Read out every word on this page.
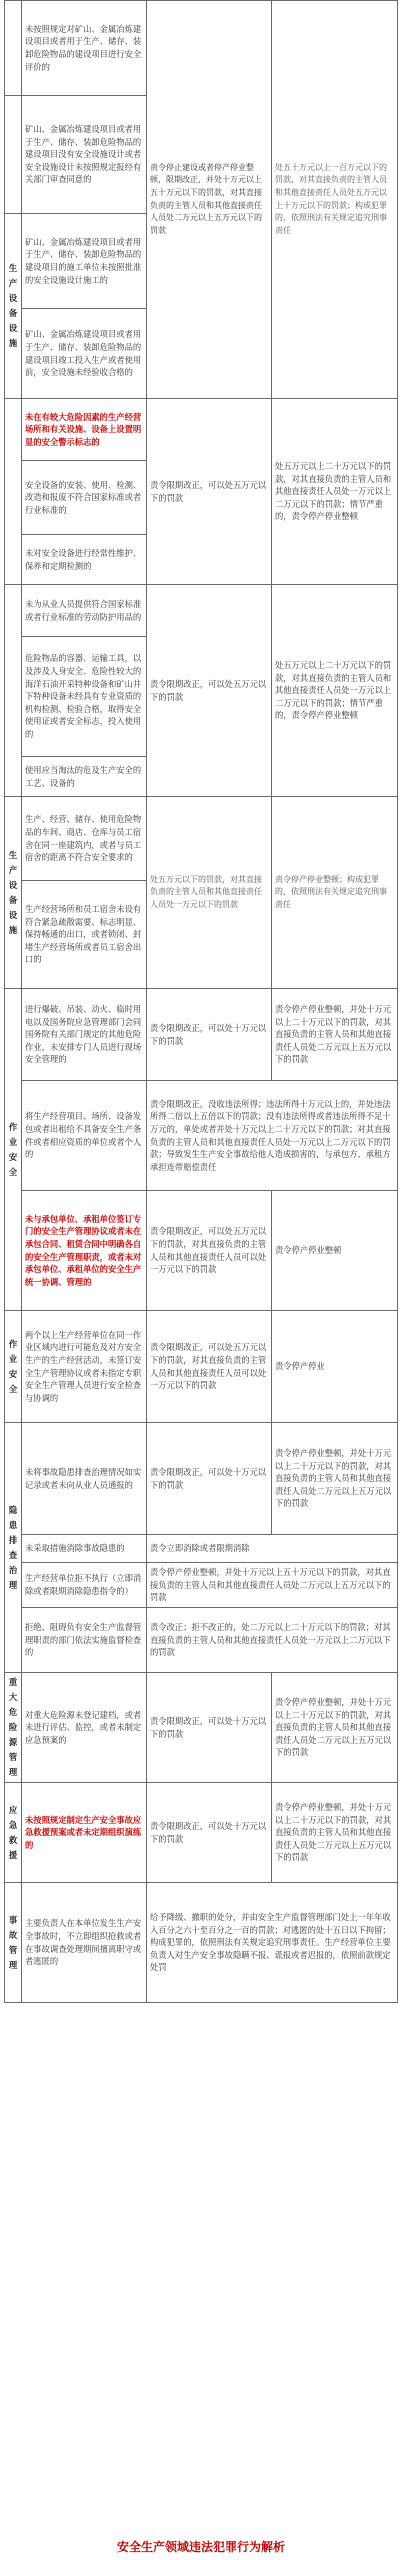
	未按照规定对矿山、金属冶炼建设项目或者用于生产、储存、装卸危险物品的建设项目进行安全评价的	责令停止建设或者停产停业整顿，限期改正，并处十万元以上五十万元以下的罚款，对其直接负责的主管人员和其他直接责任人员处二万元以上五万元以下的罚款	处五十万元以上一百万元以下的罚款，对其直接负责的主管人员和其他直接责任人员处五万元以上十万元以下的罚款；构成犯罪的，依照刑法有关规定追究刑事责任
	矿山、金属冶炼建设项目或者用于生产、储存、装卸危险物品的建设项目没有安全设施设计或者安全设施设计未按照规定报经有关部门审查同意的		
生产设备设施	矿山、金属冶炼建设项目或者用于生产、储存、装卸危险物品的建设项目的施工单位未按照批准的安全设施设计施工的		
	矿山、金属冶炼建设项目或者用于生产、储存、装卸危险物品的建设项目竣工投入生产或者使用前，安全设施未经验收合格的		
	未在有较大危险因素的生产经营场所和有关设施、设备上设置明显的安全警示标志的	责令限期改正，可以处五万元以下的罚款	处五万元以上二十万元以下的罚款，对其直接负责的主管人员和其他直接责任人员处一万元以上二万元以下的罚款；情节严重的，责令停产停业整顿
	安全设备的安装、使用、检测、改造和报废不符合国家标准或者行业标准的		
	未对安全设备进行经常性维护、保养和定期检测的		
	未为从业人员提供符合国家标准或者行业标准的劳动防护用品的	责令限期改正，可以处五万元以下的罚款	处五万元以上二十万元以下的罚款，对其直接负责的主管人员和其他直接责任人员处一万元以上二万元以下的罚款；情节严重的，责令停产停业整顿
	危险物品的容器、运输工具，以及涉及人身安全、危险性较大的海洋石油开采特种设备和矿山井下特种设备未经具有专业资质的机构检测、检验合格，取得安全使用证或者安全标志，投入使用的		
	使用应当淘汰的危及生产安全的工艺、设备的		
生产设备设施	生产、经营、储存、使用危险物品的车间、商店、仓库与员工宿舍在同一座建筑内，或者与员工宿舍的距离不符合安全要求的	处五万元以下的罚款，对其直接负责的主管人员和其他直接责任人员处一万元以下的罚款	责令停产停业整顿；构成犯罪的，依照刑法有关规定追究刑事责任
	生产经营场所和员工宿舍未设有符合紧急疏散需要、标志明显、保持畅通的出口，或者锁闭、封堵生产经营场所或者员工宿舍出口的		
作业安全	进行爆破、吊装、动火、临时用电以及国务院应急管理部门会同国务院有关部门规定的其他危险作业，未安排专门人员进行现场安全管理的	责令限期改正，可以处十万元以下的罚款	责令停产停业整顿，并处十万元以上二十万元以下的罚款，对其直接负责的主管人员和其他直接责任人员处二万元以上五万元以下的罚款
	将生产经营项目、场所、设备发包或者出租给不具备安全生产条件或者相应资质的单位或者个人的	责令限期改正，没收违法所得；违法所得十万元以上的，并处违法所得二倍以上五倍以下的罚款；没有违法所得或者违法所得不足十万元的，单处或者并处十万元以上二十万元以下的罚款；对其直接负责的主管人员和其他直接责任人员处一万元以上二万元以下的罚款；导致发生生产安全事故给他人造成损害的，与承包方、承租方承担连带赔偿责任	
	未与承包单位、承租单位签订专门的安全生产管理协议或者未在承包合同、租赁合同中明确各自的安全生产管理职责，或者未对承包单位、承租单位的安全生产统一协调、管理的	责令限期改正，可以处五万元以下的罚款，对其直接负责的主管人员和其他直接责任人员可以处一万元以下的罚款	责令停产停业整顿
作业安全	两个以上生产经营单位在同一作业区域内进行可能危及对方安全生产的生产经营活动，未签订安全生产管理协议或者未指定专职安全生产管理人员进行安全检查与协调的	责令限期改正，可以处五万元以下的罚款，对其直接负责的主管人员和其他直接责任人员可以处一万元以下的罚款	责令停产停业
隐患排查治理	未将事故隐患排查治理情况如实记录或者未向从业人员通报的	责令限期改正，可以处十万元以下的罚款	责令停产停业整顿，并处十万元以上二十万元以下的罚款，对其直接负责的主管人员和其他直接责任人员处二万元以上五万元以下的罚款
	未采取措施消除事故隐患的	责令立即消除或者限期消除	
	生产经营单位拒不执行（立即消除或者限期消除隐患指令的）	责令停产停业整顿，并处十万元以上五十万元以下的罚款，对其直接负责的主管人员和其他直接责任人员处二万元以上五万元以下的罚款	
	拒绝、阻碍负有安全生产监督管理职责的部门依法实施监督检查的	责令改正；拒不改正的，处二万元以上二十万元以下的罚款；对其直接负责的主管人员和其他直接责任人员处一万元以上二万元以下的罚款	
重大危险源管理	对重大危险源未登记建档，或者未进行评估、监控，或者未制定应急预案的	责令限期改正，可以处十万元以下的罚款	责令停产停业整顿，并处十万元以上二十万元以下的罚款，对其直接负责的主管人员和其他直接责任人员处二万元以上五万元以下的罚款
应急救援	未按照规定制定生产安全事故应急救援预案或者未定期组织演练的	责令限期改正，可以处十万元以下的罚款	责令停产停业整顿，并处十万元以上二十万元以下的罚款，对其直接负责的主管人员和其他直接责任人员处二万元以上五万元以下的罚款
事故管理	主要负责人在本单位发生生产安全事故时，不立即组织抢救或者在事故调查处理期间擅离职守或者逃匿的	给予降级、撤职的处分，并由安全生产监督管理部门处上一年年收入百分之六十至百分之一百的罚款；对逃匿的处十五日以下拘留；构成犯罪的，依照刑法有关规定追究刑事责任。生产经营单位主要负责人对生产安全事故隐瞒不报、谎报或者迟报的，依照前款规定处罚	
安全生产领域违法犯罪行为解析
